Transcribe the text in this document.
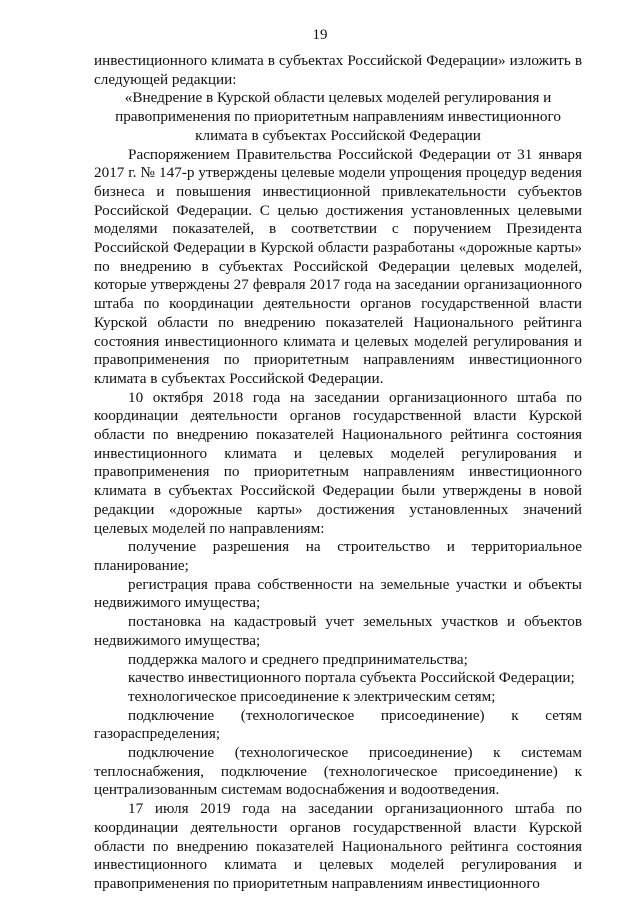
19

инвестиционного климата в субъектах Российской Федерации» изложить в следующей редакции:

«Внедрение в Курской области целевых моделей регулирования и правоприменения по приоритетным направлениям инвестиционного климата в субъектах Российской Федерации

Распоряжением Правительства Российской Федерации от 31 января 2017 г. № 147-р утверждены целевые модели упрощения процедур ведения бизнеса и повышения инвестиционной привлекательности субъектов Российской Федерации. С целью достижения установленных целевыми моделями показателей, в соответствии с поручением Президента Российской Федерации в Курской области разработаны «дорожные карты» по внедрению в субъектах Российской Федерации целевых моделей, которые утверждены 27 февраля 2017 года на заседании организационного штаба по координации деятельности органов государственной власти Курской области по внедрению показателей Национального рейтинга состояния инвестиционного климата и целевых моделей регулирования и правоприменения по приоритетным направлениям инвестиционного климата в субъектах Российской Федерации.

10 октября 2018 года на заседании организационного штаба по координации деятельности органов государственной власти Курской области по внедрению показателей Национального рейтинга состояния инвестиционного климата и целевых моделей регулирования и правоприменения по приоритетным направлениям инвестиционного климата в субъектах Российской Федерации были утверждены в новой редакции «дорожные карты» достижения установленных значений целевых моделей по направлениям:

получение разрешения на строительство и территориальное планирование;

регистрация права собственности на земельные участки и объекты недвижимого имущества;

постановка на кадастровый учет земельных участков и объектов недвижимого имущества;

поддержка малого и среднего предпринимательства;

качество инвестиционного портала субъекта Российской Федерации;

технологическое присоединение к электрическим сетям;

подключение (технологическое присоединение) к сетям газораспределения;

подключение (технологическое присоединение) к системам теплоснабжения, подключение (технологическое присоединение) к централизованным системам водоснабжения и водоотведения.

17 июля 2019 года на заседании организационного штаба по координации деятельности органов государственной власти Курской области по внедрению показателей Национального рейтинга состояния инвестиционного климата и целевых моделей регулирования и правоприменения по приоритетным направлениям инвестиционного
